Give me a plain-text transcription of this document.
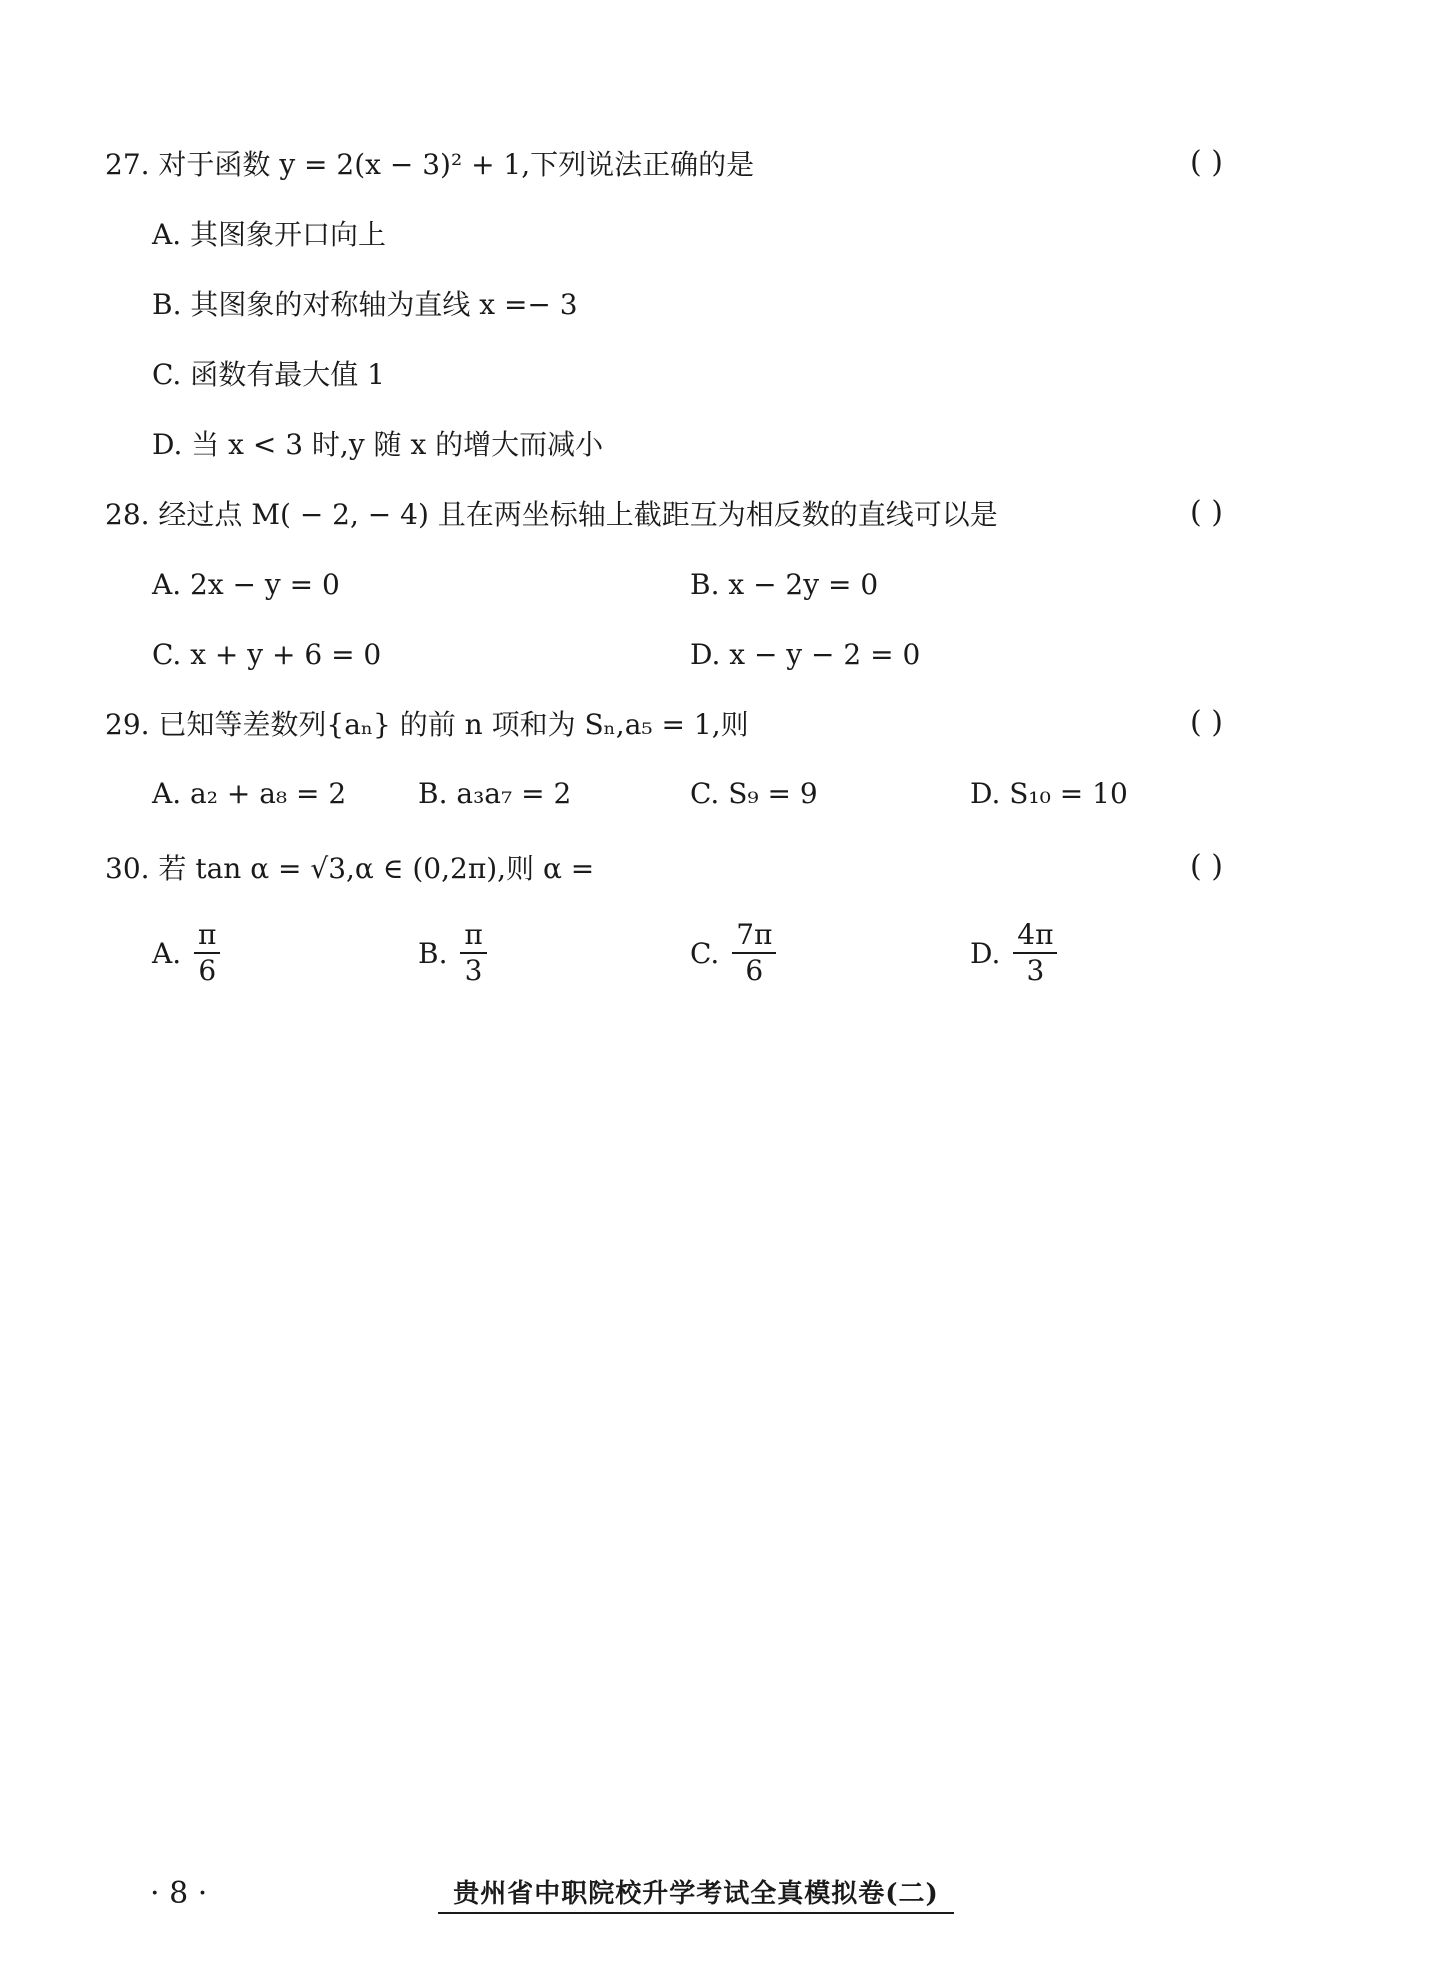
27. 对于函数 y = 2(x − 3)² + 1,下列说法正确的是	( )
A. 其图象开口向上
B. 其图象的对称轴为直线 x =− 3
C. 函数有最大值 1
D. 当 x < 3 时,y 随 x 的增大而减小
28. 经过点 M( − 2, − 4) 且在两坐标轴上截距互为相反数的直线可以是	( )
A. 2x − y = 0	B. x − 2y = 0
C. x + y + 6 = 0	D. x − y − 2 = 0
29. 已知等差数列{aₙ} 的前 n 项和为 Sₙ,a₅ = 1,则	( )
A. a₂ + a₈ = 2	B. a₃a₇ = 2	C. S₉ = 9	D. S₁₀ = 10
30. 若 tan α = √3,α ∈ (0,2π),则 α =	( )
A. $\frac{\pi}{6}$	B. $\frac{\pi}{3}$	C. $\frac{7\pi}{6}$	D. $\frac{4\pi}{3}$
· 8 ·	贵州省中职院校升学考试全真模拟卷(二)
